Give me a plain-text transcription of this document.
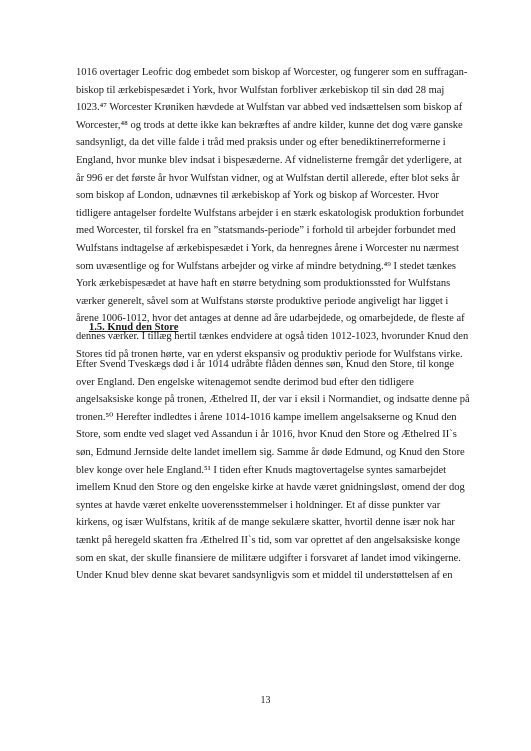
1016 overtager Leofric dog embedet som biskop af Worcester, og fungerer som en suffragan-
biskop til ærkebispesædet i York, hvor Wulfstan forbliver ærkebiskop til sin død 28 maj
1023.⁴⁷ Worcester Krøniken hævdede at Wulfstan var abbed ved indsættelsen som biskop af
Worcester,⁴⁸ og trods at dette ikke kan bekræftes af andre kilder, kunne det dog være ganske
sandsynligt, da det ville falde i tråd med praksis under og efter benediktinerreformerne i
England, hvor munke blev indsat i bispesæderne. Af vidnelisterne fremgår det yderligere, at
år 996 er det første år hvor Wulfstan vidner, og at Wulfstan dertil allerede, efter blot seks år
som biskop af London, udnævnes til ærkebiskop af York og biskop af Worcester. Hvor
tidligere antagelser fordelte Wulfstans arbejder i en stærk eskatologisk produktion forbundet
med Worcester, til forskel fra en ”statsmands-periode” i forhold til arbejder forbundet med
Wulfstans indtagelse af ærkebispesædet i York, da henregnes årene i Worcester nu nærmest
som uvæsentlige og for Wulfstans arbejder og virke af mindre betydning.⁴⁹ I stedet tænkes
York ærkebispesædet at have haft en større betydning som produktionssted for Wulfstans
værker generelt, såvel som at Wulfstans største produktive periode angiveligt har ligget i
årene 1006-1012, hvor det antages at denne ad åre udarbejdede, og omarbejdede, de fleste af
dennes værker. I tillæg hertil tænkes endvidere at også tiden 1012-1023, hvorunder Knud den
Stores tid på tronen hørte, var en yderst ekspansiv og produktiv periode for Wulfstans virke.
1.5. Knud den Store
Efter Svend Tveskægs død i år 1014 udråbte flåden dennes søn, Knud den Store, til konge
over England. Den engelske witenagemot sendte derimod bud efter den tidligere
angelsaksiske konge på tronen, Æthelred II, der var i eksil i Normandiet, og indsatte denne på
tronen.⁵⁰ Herefter indledtes i årene 1014-1016 kampe imellem angelsakserne og Knud den
Store, som endte ved slaget ved Assandun i år 1016, hvor Knud den Store og Æthelred II`s
søn, Edmund Jernside delte landet imellem sig. Samme år døde Edmund, og Knud den Store
blev konge over hele England.⁵¹ I tiden efter Knuds magtovertagelse syntes samarbejdet
imellem Knud den Store og den engelske kirke at havde været gnidningsløst, omend der dog
syntes at havde været enkelte uoverensstemmelser i holdninger. Et af disse punkter var
kirkens, og især Wulfstans, kritik af de mange sekulære skatter, hvortil denne især nok har
tænkt på heregeld skatten fra Æthelred II`s tid, som var oprettet af den angelsaksiske konge
som en skat, der skulle finansiere de militære udgifter i forsvaret af landet imod vikingerne.
Under Knud blev denne skat bevaret sandsynligvis som et middel til understøttelsen af en
13
